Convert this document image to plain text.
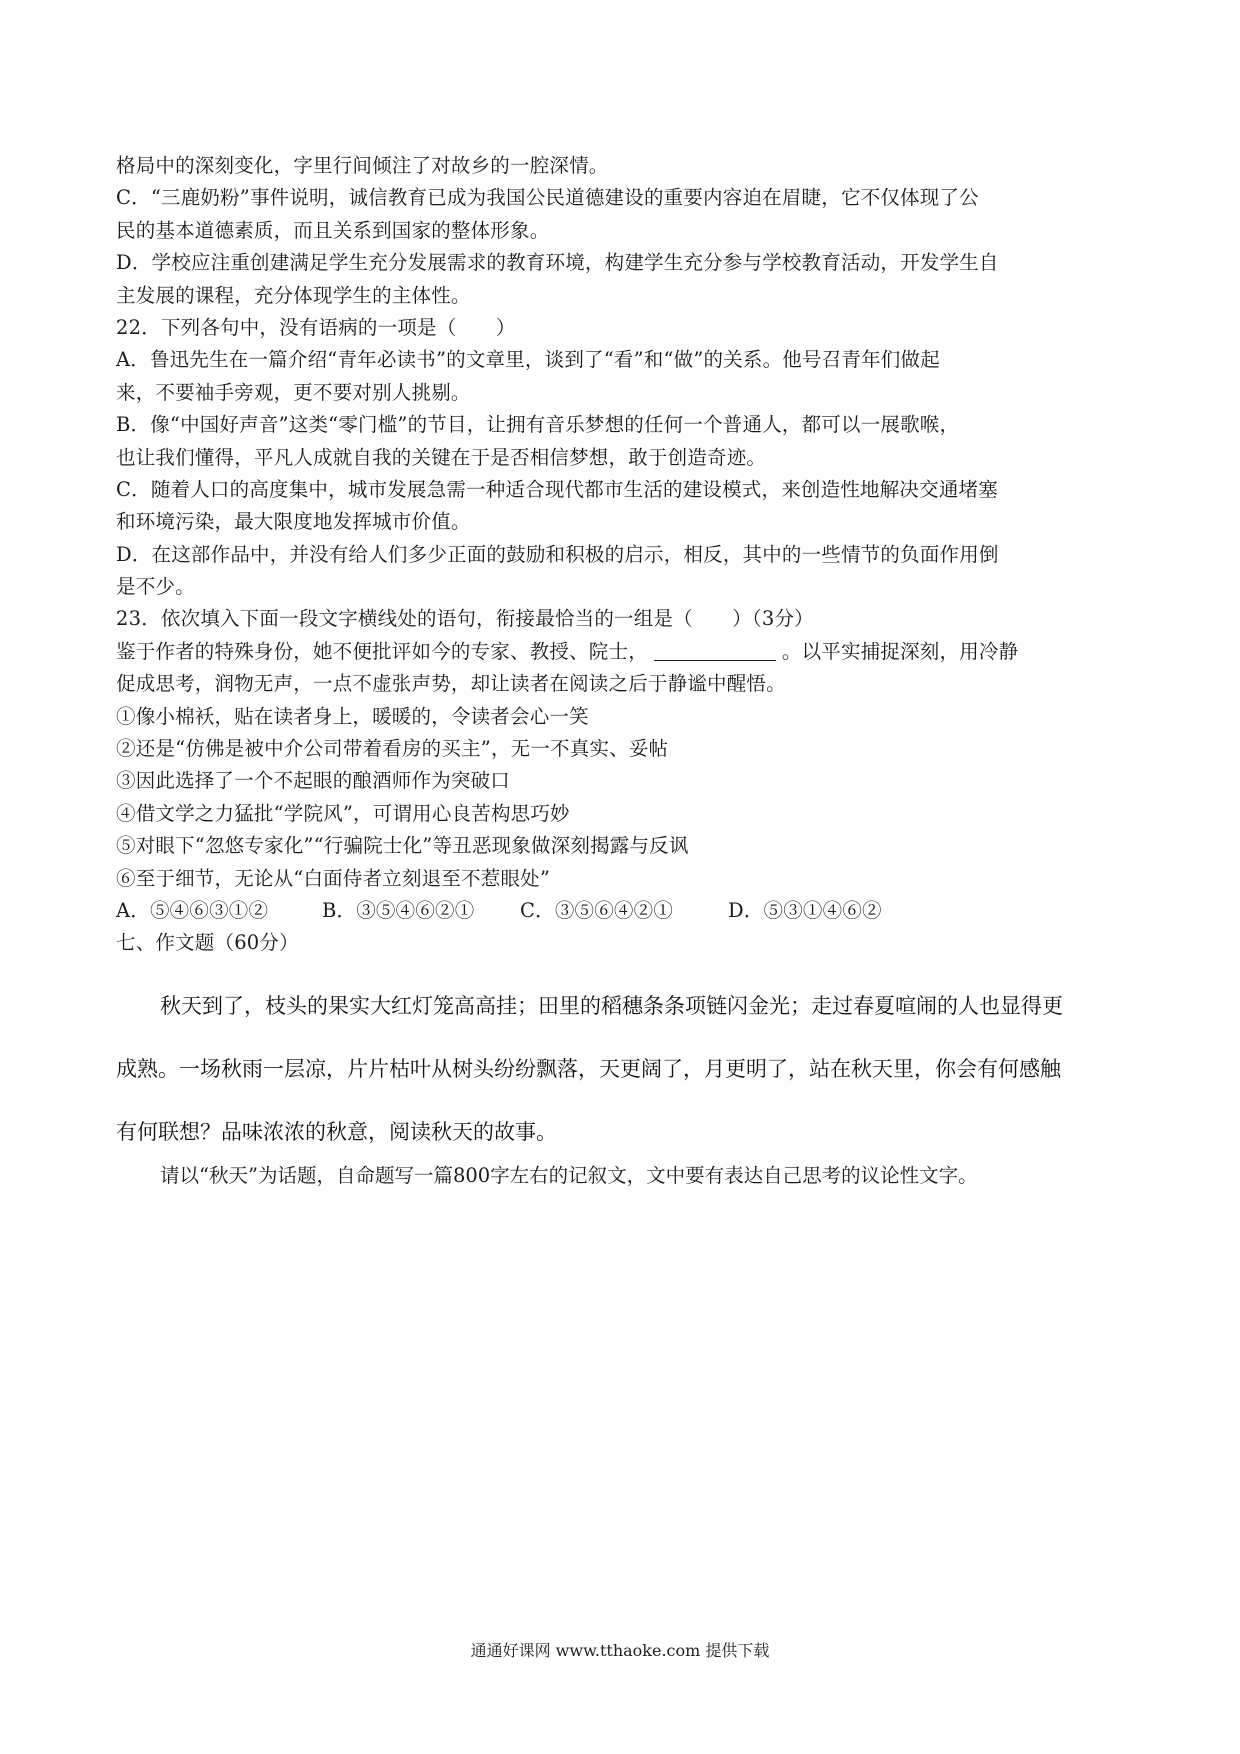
格局中的深刻变化，字里行间倾注了对故乡的一腔深情。
C．“三鹿奶粉”事件说明，诚信教育已成为我国公民道德建设的重要内容迫在眉睫，它不仅体现了公
民的基本道德素质，而且关系到国家的整体形象。
D．学校应注重创建满足学生充分发展需求的教育环境，构建学生充分参与学校教育活动，开发学生自
主发展的课程，充分体现学生的主体性。
22．下列各句中，没有语病的一项是（　　）
A．鲁迅先生在一篇介绍“青年必读书”的文章里，谈到了“看”和“做”的关系。他号召青年们做起
来，不要袖手旁观，更不要对别人挑剔。
B．像“中国好声音”这类“零门槛”的节目，让拥有音乐梦想的任何一个普通人，都可以一展歌喉，
也让我们懂得，平凡人成就自我的关键在于是否相信梦想，敢于创造奇迹。
C．随着人口的高度集中，城市发展急需一种适合现代都市生活的建设模式，来创造性地解决交通堵塞
和环境污染，最大限度地发挥城市价值。
D．在这部作品中，并没有给人们多少正面的鼓励和积极的启示，相反，其中的一些情节的负面作用倒
是不少。
23．依次填入下面一段文字横线处的语句，衔接最恰当的一组是（　　）（3分）
鉴于作者的特殊身份，她不便批评如今的专家、教授、院士，	。以平实捕捉深刻，用冷静
促成思考，润物无声，一点不虚张声势，却让读者在阅读之后于静谧中醒悟。
①像小棉袄，贴在读者身上，暖暖的，令读者会心一笑
②还是“仿佛是被中介公司带着看房的买主”，无一不真实、妥帖
③因此选择了一个不起眼的酿酒师作为突破口
④借文学之力猛批“学院风”，可谓用心良苦构思巧妙
⑤对眼下“忽悠专家化”“行骗院士化”等丑恶现象做深刻揭露与反讽
⑥至于细节，无论从“白面侍者立刻退至不惹眼处”
A．⑤④⑥③①②	B．③⑤④⑥②① C．③⑤⑥④②①	D．⑤③①④⑥②
七、作文题（60分）
秋天到了，枝头的果实大红灯笼高高挂；田里的稻穗条条项链闪金光；走过春夏喧闹的人也显得更
成熟。一场秋雨一层凉，片片枯叶从树头纷纷飘落，天更阔了，月更明了，站在秋天里，你会有何感触
有何联想？品味浓浓的秋意，阅读秋天的故事。
请以“秋天”为话题，自命题写一篇800字左右的记叙文，文中要有表达自己思考的议论性文字。
通通好课网 www.tthaoke.com 提供下载
